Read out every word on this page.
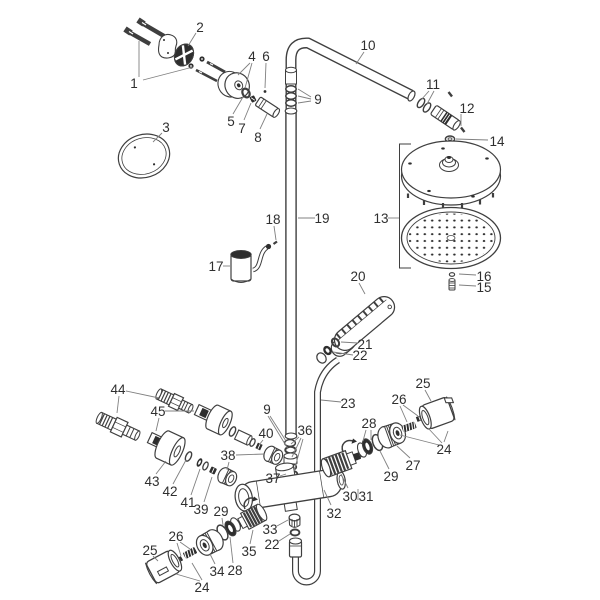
1
2
3
4
5
6
7
8
9
9
10
11
12
13
14
15
16
17
18	19
20
21
22
22
23
24
24
25
25
26
26
27
28
28
29
29
30 31
32
33
34
35
36
37
38
39
40
41
42
43
44
45
